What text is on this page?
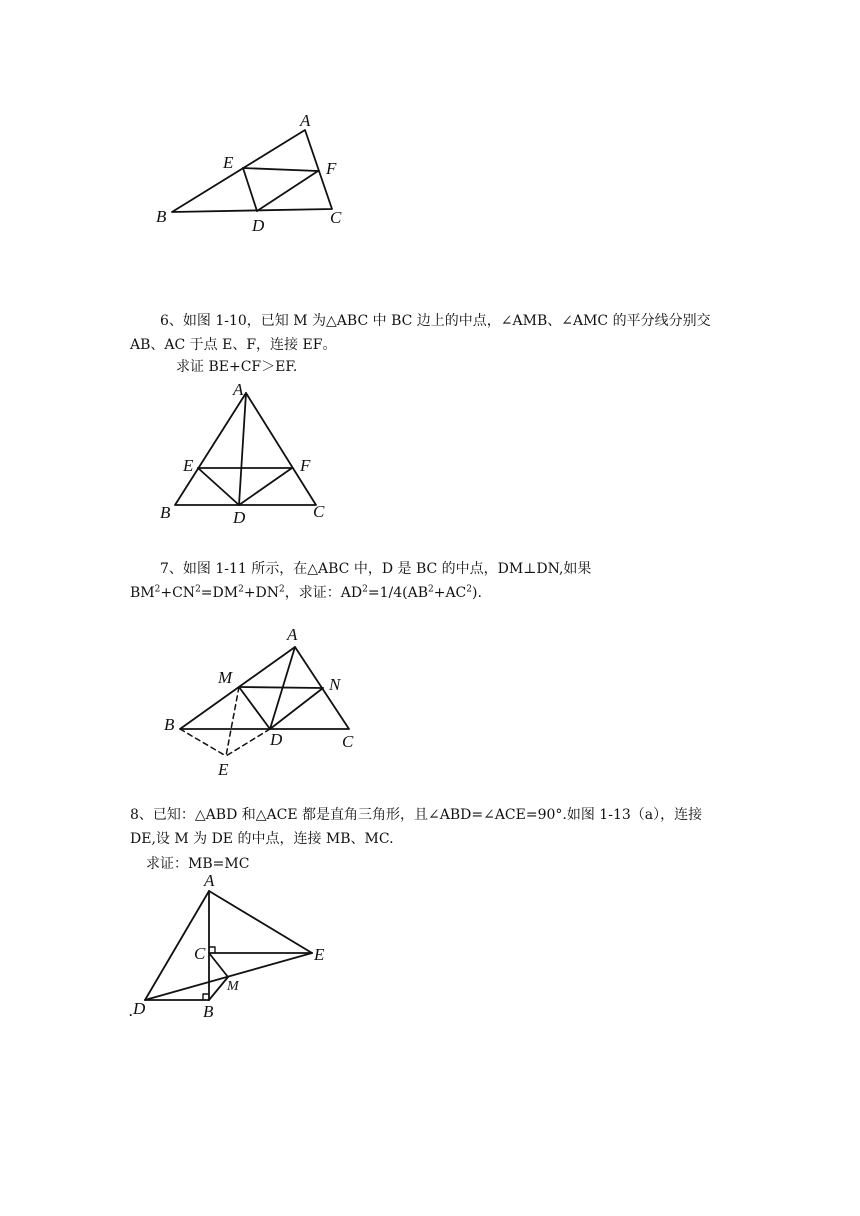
A
E	F
B	D	C

6、如图 1-10，已知 M 为△ABC 中 BC 边上的中点，∠AMB、∠AMC 的平分线分别交 AB、AC 于点 E、F，连接 EF。

求证 BE+CF＞EF.
A
E	F
B	D	C

7、如图 1-11 所示，在△ABC 中，D 是 BC 的中点，DM⊥DN,如果 $BM^2+CN^2=DM^2+DN^2$，求证：$AD^2=1/4(AB^2+AC^2)$.

A
M	N
B
D	C
E

8、已知：△ABD 和△ACE 都是直角三角形，且∠ABD=∠ACE=90°.如图 1-13（a），连接 DE,设 M 为 DE 的中点，连接 MB、MC.

求证：MB=MC
A
C	E
M
. D	B
